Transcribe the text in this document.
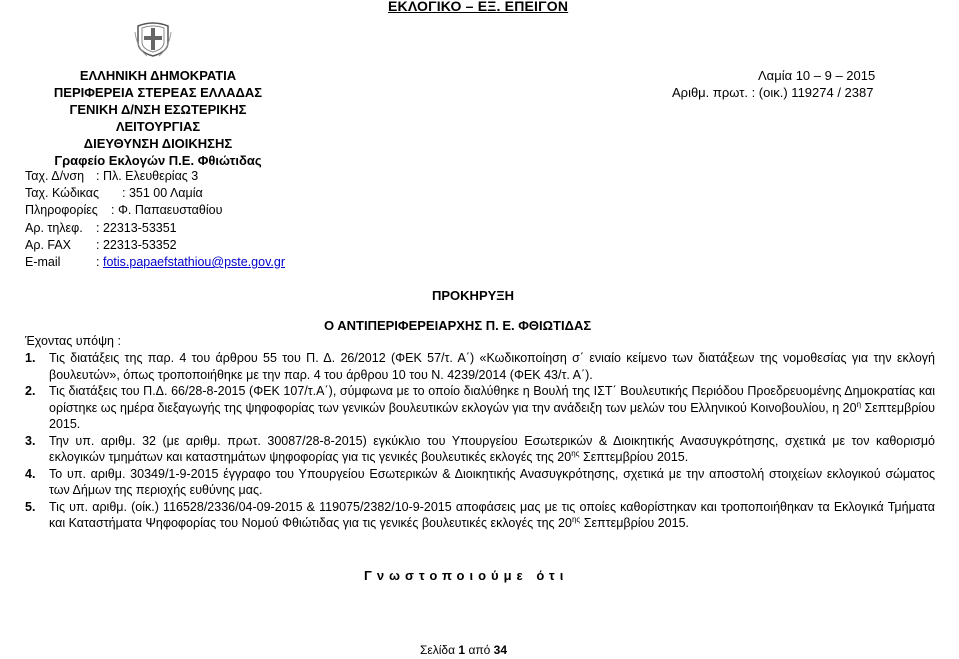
ΕΚΛΟΓΙΚΟ – ΕΞ. ΕΠΕΙΓΟΝ
ΕΛΛΗΝΙΚΗ ΔΗΜΟΚΡΑΤΙΑ
ΠΕΡΙΦΕΡΕΙΑ ΣΤΕΡΕΑΣ ΕΛΛΑΔΑΣ
ΓΕΝΙΚΗ Δ/ΝΣΗ ΕΣΩΤΕΡΙΚΗΣ ΛΕΙΤΟΥΡΓΙΑΣ
ΔΙΕΥΘΥΝΣΗ ΔΙΟΙΚΗΣΗΣ
Γραφείο Εκλογών Π.Ε. Φθιώτιδας
Λαμία 10 – 9 – 2015
Αριθμ. πρωτ. : (οικ.) 119274 / 2387
Ταχ. Δ/νση : Πλ. Ελευθερίας 3
Ταχ. Κώδικας	: 351 00 Λαμία
Πληροφορίες	: Φ. Παπαευσταθίου
Αρ. τηλεφ.	: 22313-53351
Αρ. FAX	: 22313-53352
E-mail	:
fotis.papaefstathiou@pste.gov.gr
ΠΡΟΚΗΡΥΞΗ
Ο ΑΝΤΙΠΕΡΙΦΕΡΕΙΑΡΧΗΣ Π. Ε. ΦΘΙΩΤΙΔΑΣ
Έχοντας υπόψη :
1.	Τις διατάξεις της παρ. 4 του άρθρου 55 του Π. Δ. 26/2012 (ΦΕΚ 57/τ. Α΄) «Κωδικοποίηση σ΄ ενιαίο κείμενο των διατάξεων της νομοθεσίας για την εκλογή βουλευτών», όπως τροποποιήθηκε με την παρ. 4 του άρθρου 10 του Ν. 4239/2014 (ΦΕΚ 43/τ. Α΄).
2.	Τις διατάξεις του Π.Δ. 66/28-8-2015 (ΦΕΚ 107/τ.Α΄), σύμφωνα με το οποίο διαλύθηκε η Βουλή της ΙΣΤ΄ Βουλευτικής Περιόδου Προεδρευομένης Δημοκρατίας και ορίστηκε ως ημέρα διεξαγωγής της ψηφοφορίας των γενικών βουλευτικών εκλογών για την ανάδειξη των μελών του Ελληνικού Κοινοβουλίου, η $20^\eta$ Σεπτεμβρίου 2015.
3.	Την υπ. αριθμ. 32 (με αριθμ. πρωτ. 30087/28-8-2015) εγκύκλιο του Υπουργείου Εσωτερικών & Διοικητικής Ανασυγκρότησης, σχετικά με τον καθορισμό εκλογικών τμημάτων και καταστημάτων ψηφοφορίας για τις γενικές βουλευτικές εκλογές της $20^{\eta\varsigma}$ Σεπτεμβρίου 2015.
4.	Το υπ. αριθμ. 30349/1-9-2015 έγγραφο του Υπουργείου Εσωτερικών & Διοικητικής Ανασυγκρότησης, σχετικά με την αποστολή στοιχείων εκλογικού σώματος των Δήμων της περιοχής ευθύνης μας.
5.	Τις υπ. αριθμ. (οίκ.) 116528/2336/04-09-2015 & 119075/2382/10-9-2015 αποφάσεις μας με τις οποίες καθορίστηκαν και τροποποιήθηκαν τα Εκλογικά Τμήματα και Καταστήματα Ψηφοφορίας του Νομού Φθιώτιδας για τις γενικές βουλευτικές εκλογές της $20^{\eta\varsigma}$ Σεπτεμβρίου 2015.
Γνωστοποιούμε ότι
Σελίδα 1 από 34
